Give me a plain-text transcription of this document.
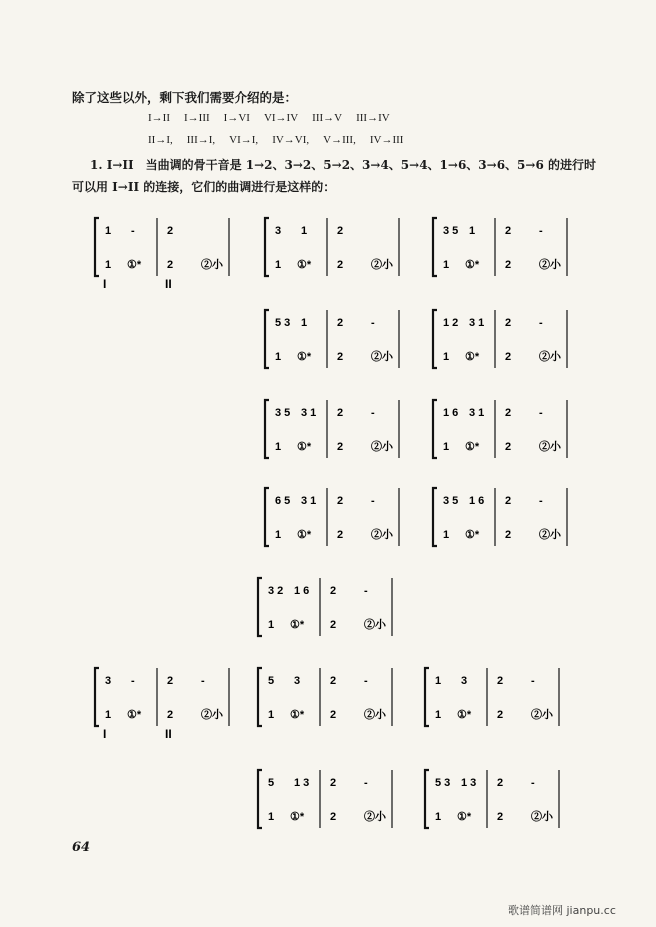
除了这些以外，剩下我们需要介绍的是：
I→II I→III I→VI VI→IV III→V III→IV
II→I, III→I, VI→I, IV→VI, V→III, IV→III
1. I→II　当曲调的骨干音是 1→2、3→2、5→2、3→4、5→4、1→6、3→6、5→6 的进行时
可以用 I→II 的连接，它们的曲调进行是这样的：
1 -
1 ①*
2
2	②小
I	II
3 1
1 ①*
2
2	②小
3 5 1
1 ①*
2	-
2	②小
5 3 1
1 ①*
2	-
2	②小
1 2 3 1
1 ①*
2	-
2	②小
3 5 3 1
1 ①*
2	-
2	②小
1 6 3 1
1 ①*
2	-
2	②小
6 5 3 1
1 ①*
2	-
2	②小
3 5 1 6
1 ①*
2	-
2	②小
3 2 1 6
1 ①*
2	-
2	②小
3 -
1 ①*
2	-
2	②小
I	II
5 3
1 ①*
2	-
2	②小
1 3
1 ①*
2	-
2	②小
5 1 3
1 ①*
2	-
2	②小
5 3 1 3
1 ①*
2	-
2	②小
64
歌谱简谱网 jianpu.cc
